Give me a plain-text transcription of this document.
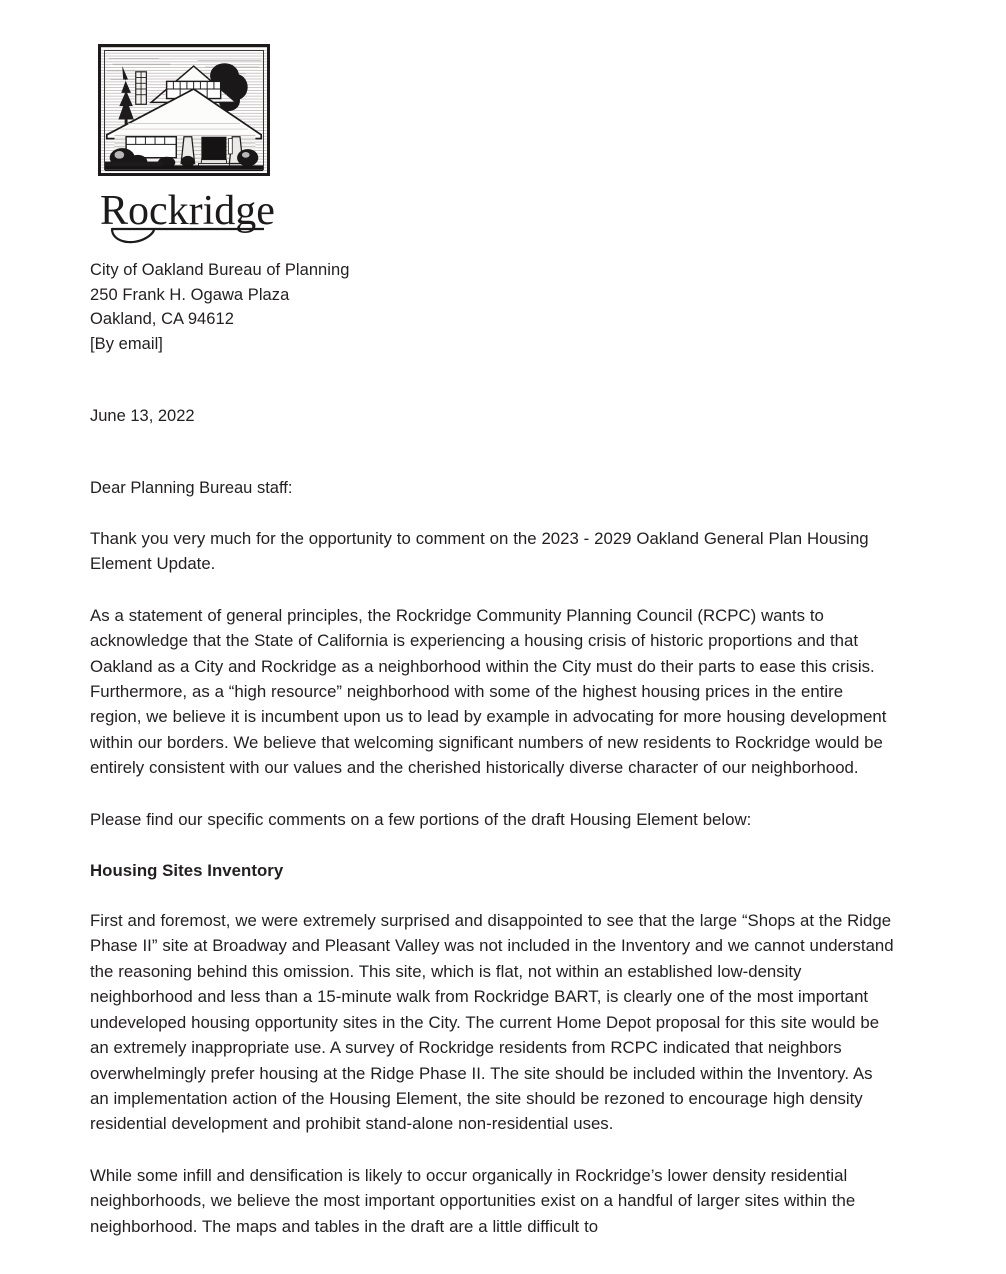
Rockridge
City of Oakland Bureau of Planning
250 Frank H. Ogawa Plaza
Oakland, CA 94612
[By email]
June 13, 2022
Dear Planning Bureau staff:

Thank you very much for the opportunity to comment on the 2023 - 2029 Oakland General Plan Housing Element Update.

As a statement of general principles, the Rockridge Community Planning Council (RCPC) wants to acknowledge that the State of California is experiencing a housing crisis of historic proportions and that Oakland as a City and Rockridge as a neighborhood within the City must do their parts to ease this crisis. Furthermore, as a “high resource” neighborhood with some of the highest housing prices in the entire region, we believe it is incumbent upon us to lead by example in advocating for more housing development within our borders. We believe that welcoming significant numbers of new residents to Rockridge would be entirely consistent with our values and the cherished historically diverse character of our neighborhood.

Please find our specific comments on a few portions of the draft Housing Element below:

Housing Sites Inventory

First and foremost, we were extremely surprised and disappointed to see that the large “Shops at the Ridge Phase II” site at Broadway and Pleasant Valley was not included in the Inventory and we cannot understand the reasoning behind this omission. This site, which is flat, not within an established low-density neighborhood and less than a 15-minute walk from Rockridge BART, is clearly one of the most important undeveloped housing opportunity sites in the City. The current Home Depot proposal for this site would be an extremely inappropriate use. A survey of Rockridge residents from RCPC indicated that neighbors overwhelmingly prefer housing at the Ridge Phase II. The site should be included within the Inventory. As an implementation action of the Housing Element, the site should be rezoned to encourage high density residential development and prohibit stand-alone non-residential uses.

While some infill and densification is likely to occur organically in Rockridge’s lower density residential neighborhoods, we believe the most important opportunities exist on a handful of larger sites within the neighborhood. The maps and tables in the draft are a little difficult to
